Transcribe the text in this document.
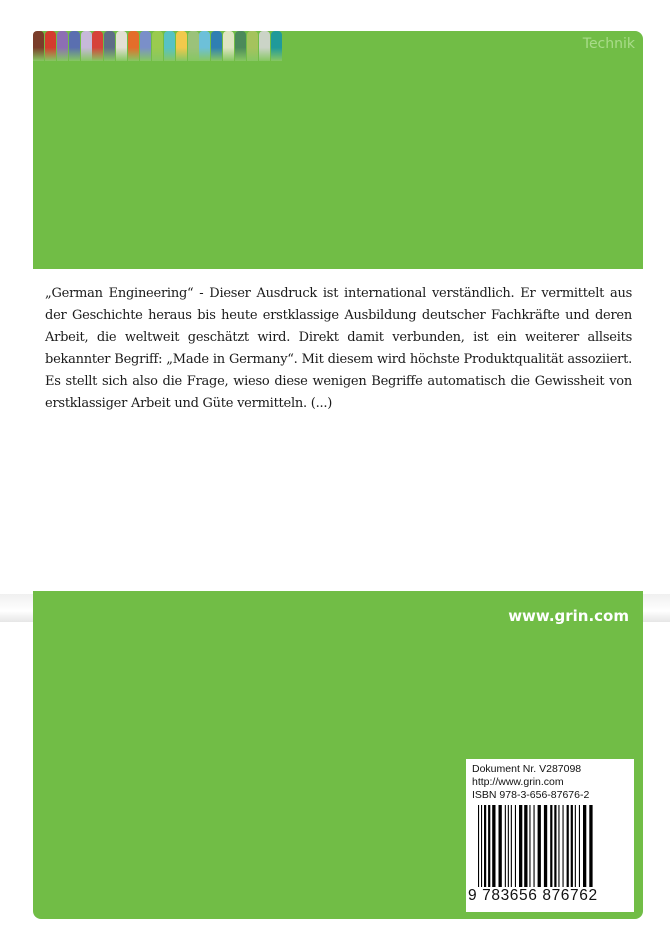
Technik

„German Engineering“ - Dieser Ausdruck ist international verständlich. Er vermittelt aus der Geschichte heraus bis heute erstklassige Ausbildung deutscher Fachkräfte und deren Arbeit, die weltweit geschätzt wird. Direkt damit verbunden, ist ein weiterer allseits bekannter Begriff: „Made in Germany“. Mit diesem wird höchste Produktqualität assoziiert. Es stellt sich also die Frage, wieso diese wenigen Begriffe automatisch die Gewissheit von erstklassiger Arbeit und Güte vermitteln. (...)

www.grin.com

Dokument Nr. V287098

http://www.grin.com

ISBN 978-3-656-87676-2

9 783656 876762
